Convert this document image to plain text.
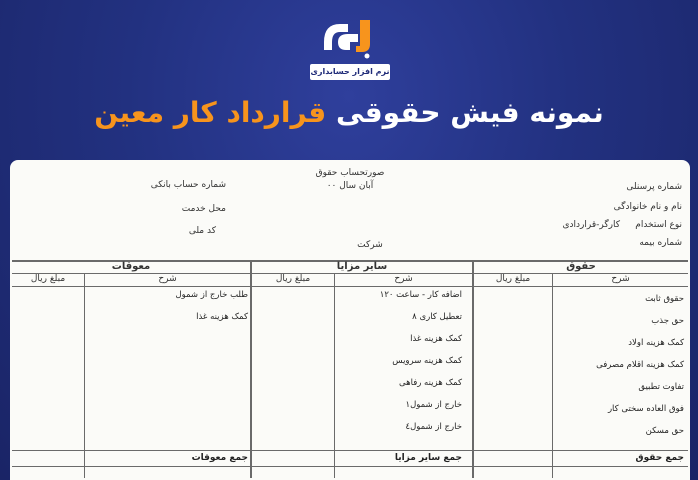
نرم افزار حسابداری
نمونه فیش حقوقی قرارداد کار معین
صورتحساب حقوق
آبان سال ۰۰	شماره پرسنلی
نام و نام خانوادگی
نوع استخدام
کارگر-قراردادی
شماره بیمه
شماره حساب بانکی
محل خدمت
کد ملی
شرکت
حقوق
سایر مزایا
معوقات
شرح
مبلغ ریال
شرح
مبلغ ریال
شرح
مبلغ ریال
حقوق ثابت
حق جذب
کمک هزینه اولاد
کمک هزینه اقلام مصرفی
تفاوت تطبیق
فوق العاده سختی کار
حق مسکن
اضافه کار - ساعت ۱۲۰
تعطیل کاری ۸
کمک هزینه غذا
کمک هزینه سرویس
کمک هزینه رفاهی
خارج از شمول۱
خارج از شمول٤
طلب خارج از شمول
کمک هزینه غذا
جمع حقوق
جمع سایر مزایا
جمع معوقات
